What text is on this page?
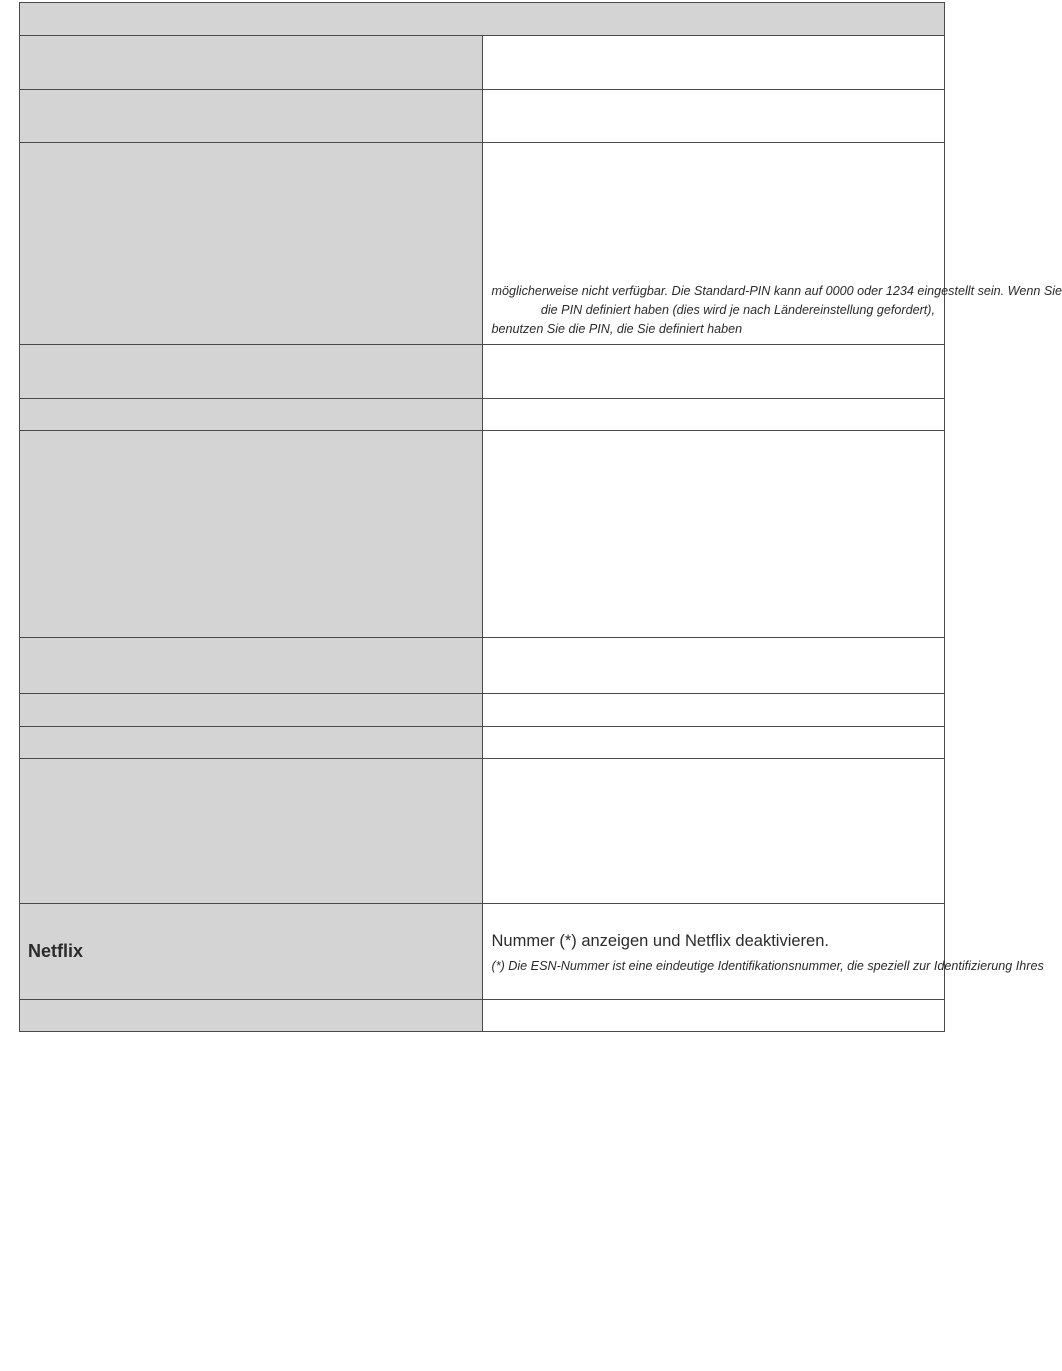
	möglicherweise nicht verfügbar. Die Standard-PIN kann auf 0000 oder 1234 eingestellt sein. Wenn Sie
die PIN definiert haben (dies wird je nach Ländereinstellung gefordert),
benutzen Sie die PIN, die Sie definiert haben

Netflix	Nummer (*) anzeigen und Netflix deaktivieren.
(*) Die ESN-Nummer ist eine eindeutige Identifikationsnummer, die speziell zur Identifizierung Ihres
